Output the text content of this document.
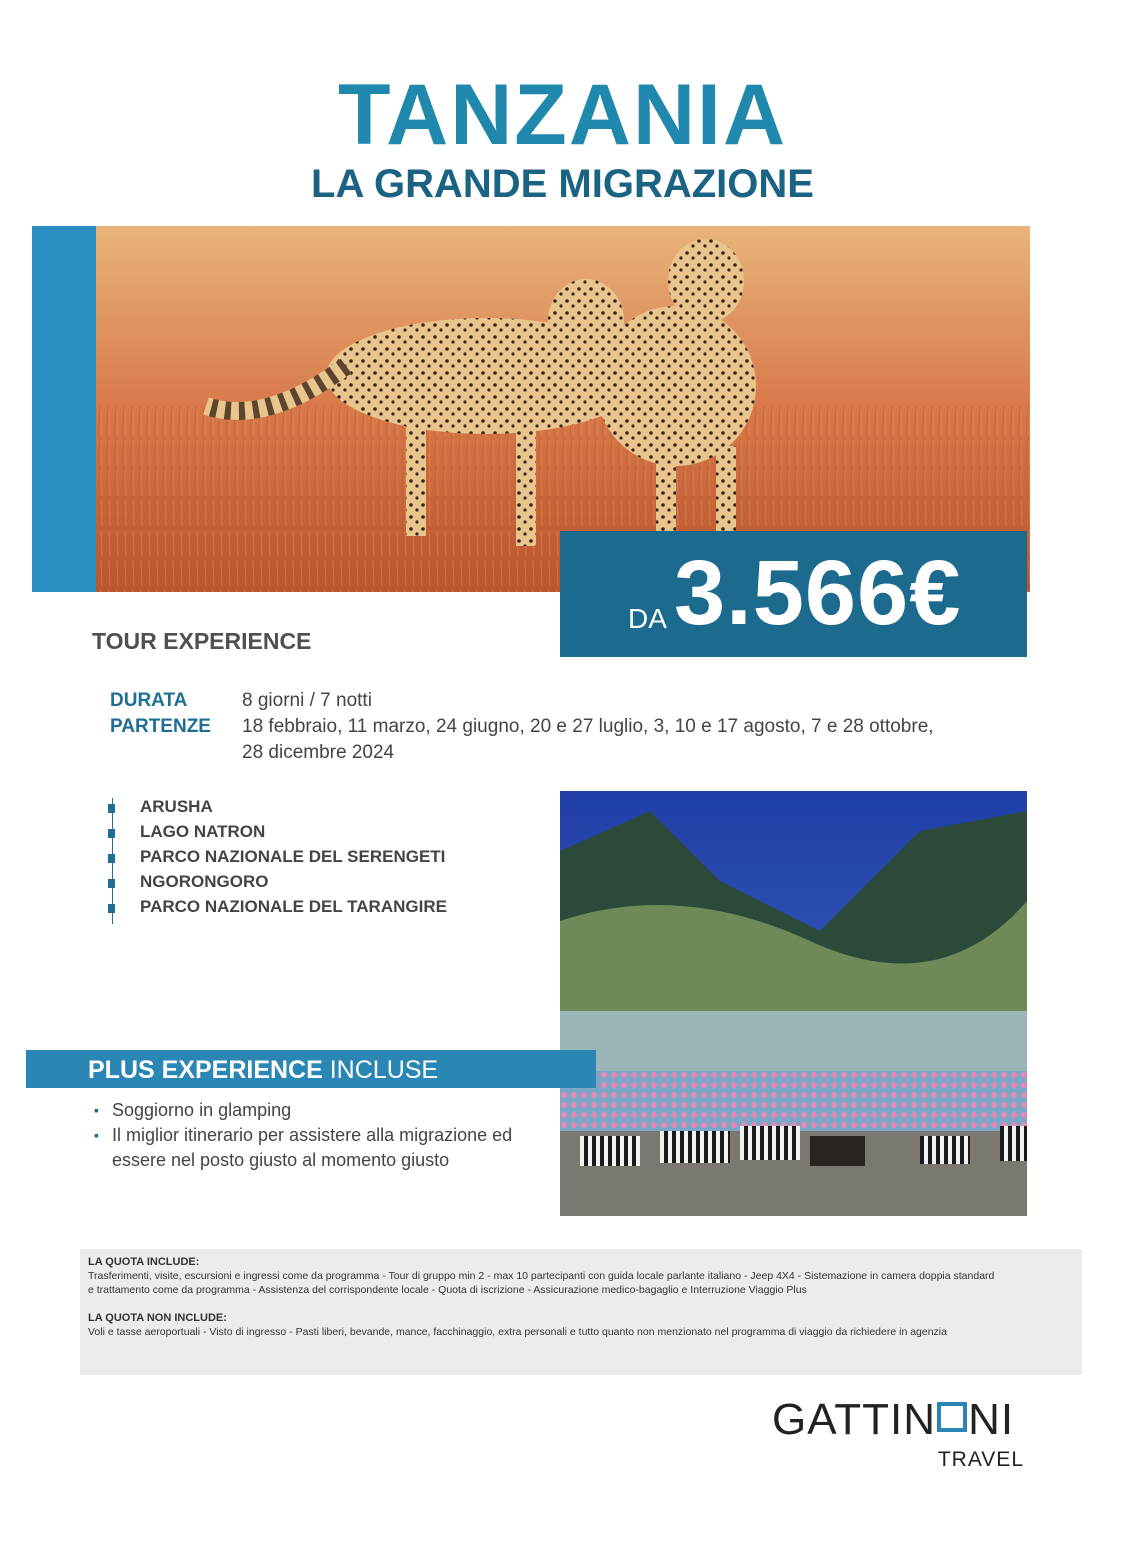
TANZANIA
LA GRANDE MIGRAZIONE
DA 3.566€
TOUR EXPERIENCE
DURATA	8 giorni / 7 notti
PARTENZE 18 febbraio, 11 marzo, 24 giugno, 20 e 27 luglio, 3, 10 e 17 agosto, 7 e 28 ottobre,
28 dicembre 2024
ARUSHA
LAGO NATRON
PARCO NAZIONALE DEL SERENGETI
NGORONGORO
PARCO NAZIONALE DEL TARANGIRE
PLUS EXPERIENCE INCLUSE
▪ Soggiorno in glamping
▪ Il miglior itinerario per assistere alla migrazione ed essere nel posto giusto al momento giusto
LA QUOTA INCLUDE:
Trasferimenti, visite, escursioni e ingressi come da programma - Tour di gruppo min 2 - max 10 partecipanti con guida locale parlante italiano - Jeep 4X4 - Sistemazione in camera doppia standard
e trattamento come da programma - Assistenza del corrispondente locale - Quota di iscrizione - Assicurazione medico-bagaglio e Interruzione Viaggio Plus
LA QUOTA NON INCLUDE:
Voli e tasse aeroportuali - Visto di ingresso - Pasti liberi, bevande, mance, facchinaggio, extra personali e tutto quanto non menzionato nel programma di viaggio da richiedere in agenzia
GATTIN NI
TRAVEL
